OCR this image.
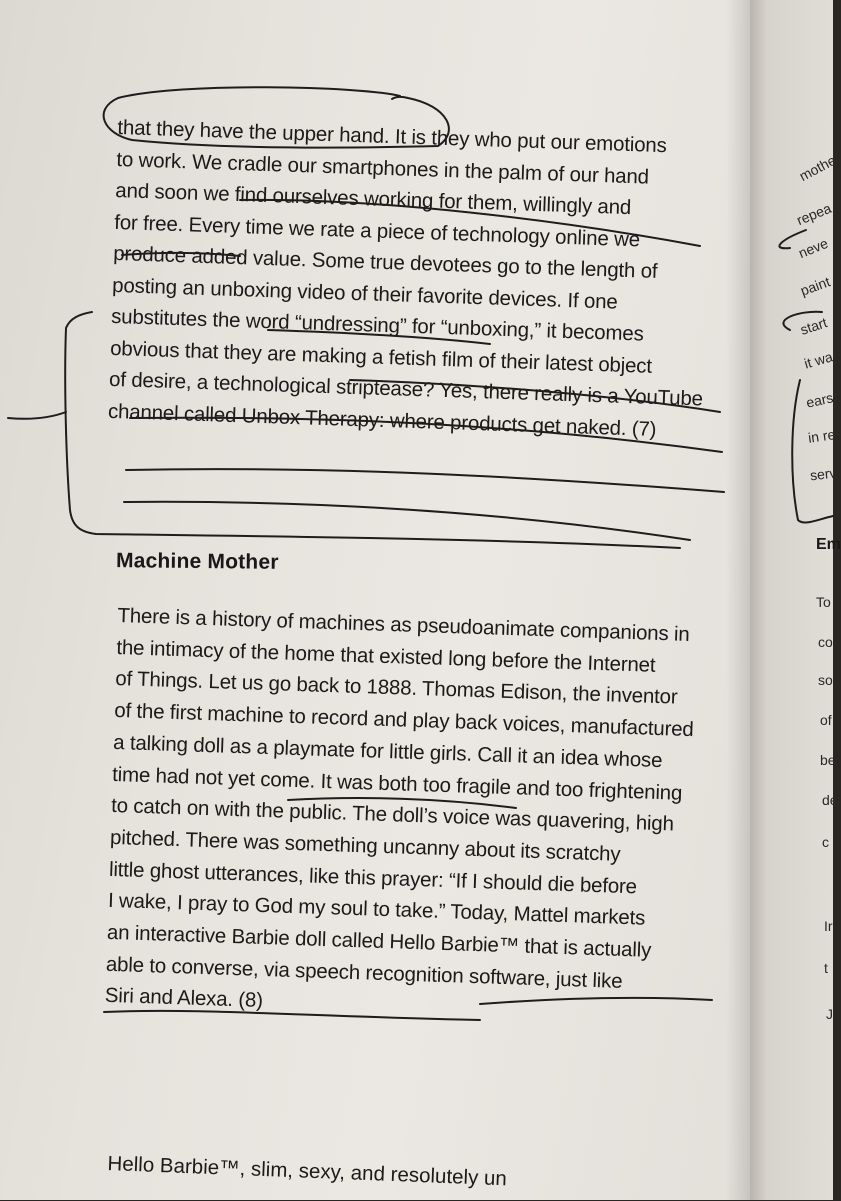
that they have the upper hand. It is they who put our emotions
to work. We cradle our smartphones in the palm of our hand
and soon we find ourselves working for them, willingly and
for free. Every time we rate a piece of technology online we
produce added value. Some true devotees go to the length of
posting an unboxing video of their favorite devices. If one
substitutes the word “undressing” for “unboxing,” it becomes
obvious that they are making a fetish film of their latest object
of desire, a technological striptease? Yes, there really is a YouTube
channel called Unbox Therapy: where products get naked. (7)
Machine Mother
There is a history of machines as pseudoanimate companions in
the intimacy of the home that existed long before the Internet
of Things. Let us go back to 1888. Thomas Edison, the inventor
of the first machine to record and play back voices, manufactured
a talking doll as a playmate for little girls. Call it an idea whose
time had not yet come. It was both too fragile and too frightening
to catch on with the public. The doll’s voice was quavering, high
pitched. There was something uncanny about its scratchy
little ghost utterances, like this prayer: “If I should die before
I wake, I pray to God my soul to take.” Today, Mattel markets
an interactive Barbie doll called Hello Barbie™ that is actually
able to converse, via speech recognition software, just like
Siri and Alexa. (8)
Hello Barbie™, slim, sexy, and resolutely un
mothe
repea
neve
paint
start
it wa
ears
in re
serv
Em
To
co
so
of
be
de
c
Ir
t
J
